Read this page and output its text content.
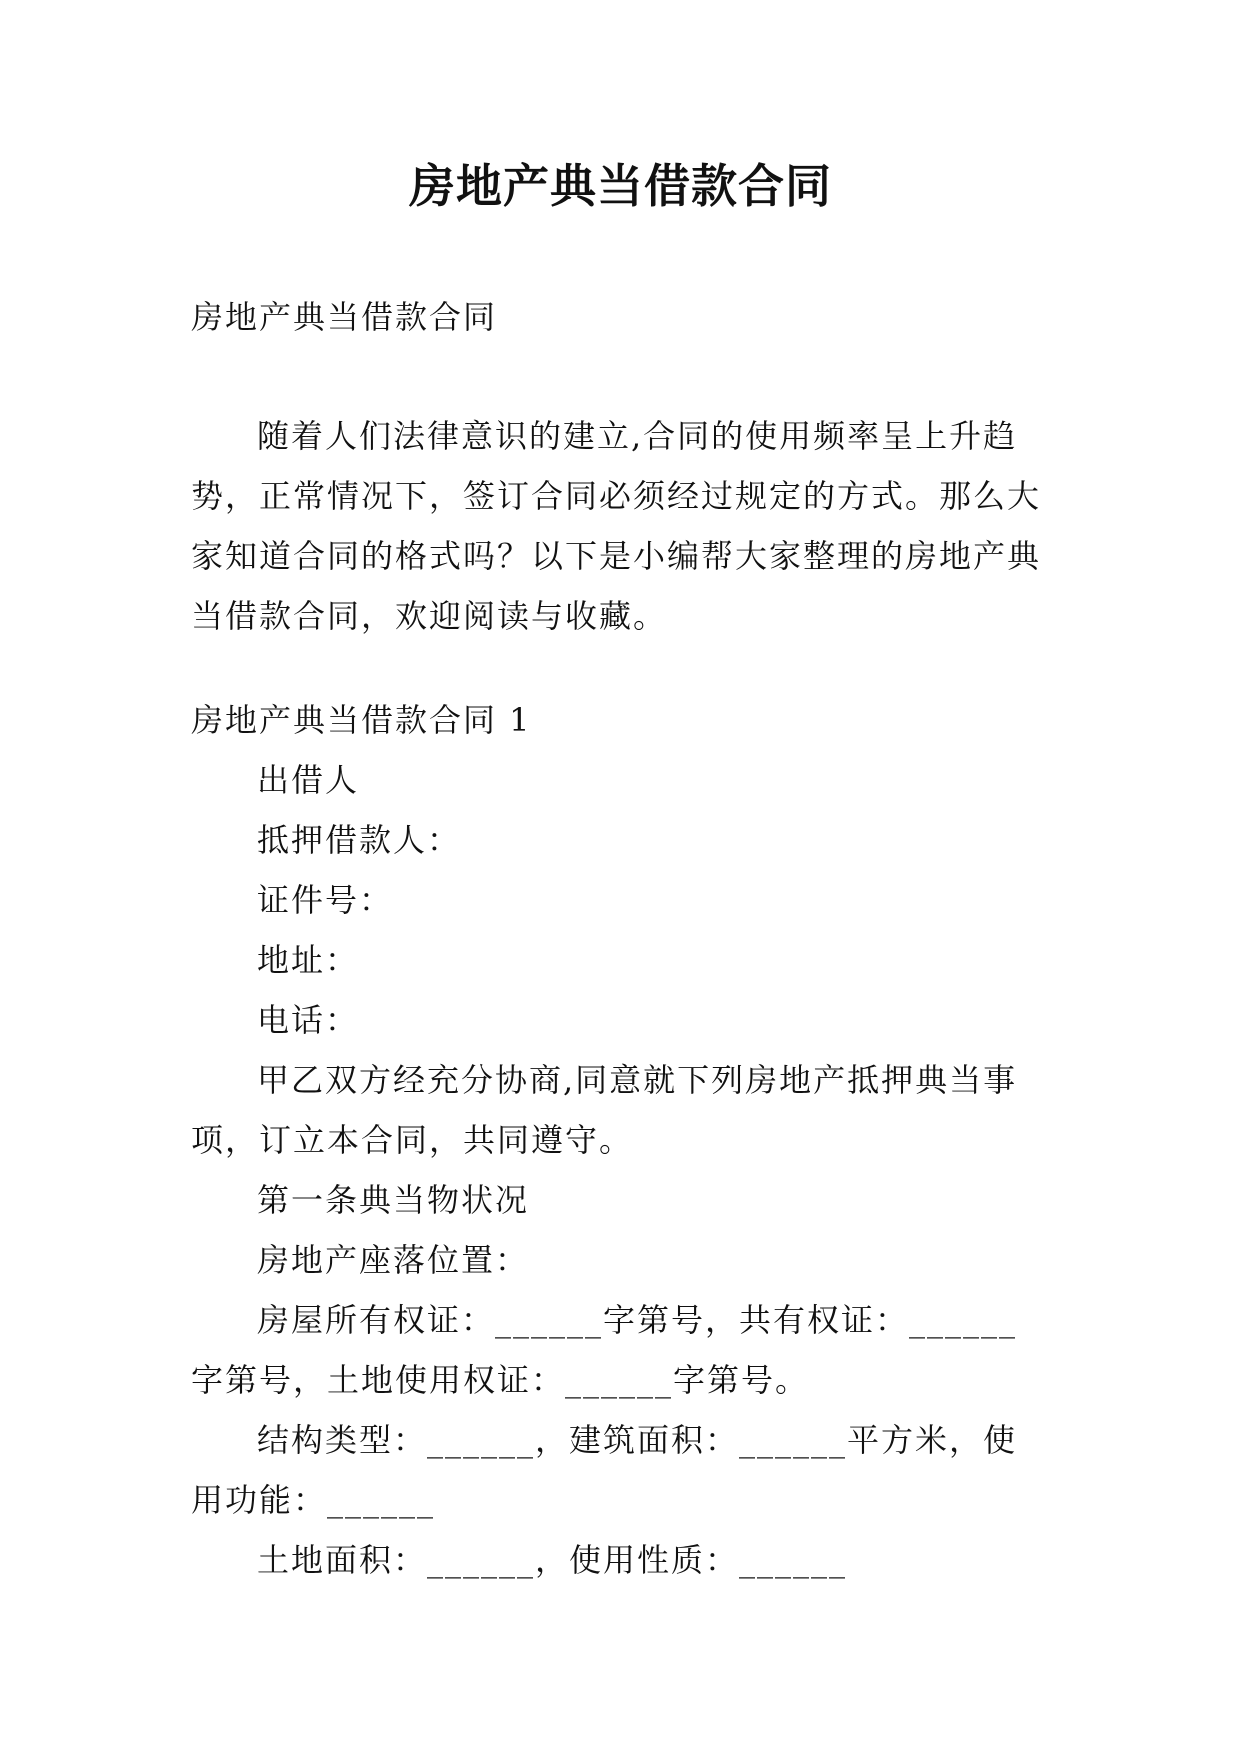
房地产典当借款合同

房地产典当借款合同

随着人们法律意识的建立,合同的使用频率呈上升趋势，正常情况下，签订合同必须经过规定的方式。那么大家知道合同的格式吗？以下是小编帮大家整理的房地产典当借款合同，欢迎阅读与收藏。

房地产典当借款合同 1

出借人

抵押借款人：

证件号：

地址：

电话：

甲乙双方经充分协商,同意就下列房地产抵押典当事项，订立本合同，共同遵守。

第一条典当物状况

房地产座落位置：

房屋所有权证：______字第号，共有权证：______字第号，土地使用权证：______字第号。

结构类型：______，建筑面积：______平方米，使用功能：______

土地面积：______，使用性质：______
